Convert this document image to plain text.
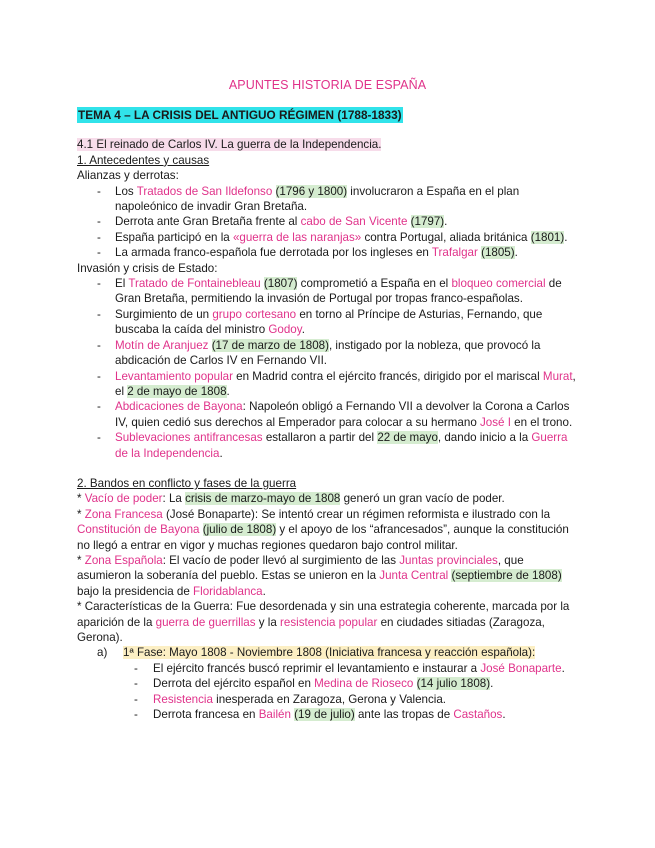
APUNTES HISTORIA DE ESPAÑA

TEMA 4 – LA CRISIS DEL ANTIGUO RÉGIMEN (1788-1833)

4.1 El reinado de Carlos IV. La guerra de la Independencia.

1. Antecedentes y causas

Alianzas y derrotas:

- Los Tratados de San Ildefonso (1796 y 1800) involucraron a España en el plan napoleónico de invadir Gran Bretaña.
- Derrota ante Gran Bretaña frente al cabo de San Vicente (1797).
- España participó en la «guerra de las naranjas» contra Portugal, aliada británica (1801).
- La armada franco-española fue derrotada por los ingleses en Trafalgar (1805).

Invasión y crisis de Estado:

- El Tratado de Fontainebleau (1807) comprometió a España en el bloqueo comercial de Gran Bretaña, permitiendo la invasión de Portugal por tropas franco-españolas.
- Surgimiento de un grupo cortesano en torno al Príncipe de Asturias, Fernando, que buscaba la caída del ministro Godoy.
- Motín de Aranjuez (17 de marzo de 1808), instigado por la nobleza, que provocó la abdicación de Carlos IV en Fernando VII.
- Levantamiento popular en Madrid contra el ejército francés, dirigido por el mariscal Murat, el 2 de mayo de 1808.
- Abdicaciones de Bayona: Napoleón obligó a Fernando VII a devolver la Corona a Carlos IV, quien cedió sus derechos al Emperador para colocar a su hermano José I en el trono.
- Sublevaciones antifrancesas estallaron a partir del 22 de mayo, dando inicio a la Guerra de la Independencia.

2. Bandos en conflicto y fases de la guerra

* Vacío de poder: La crisis de marzo-mayo de 1808 generó un gran vacío de poder.

* Zona Francesa (José Bonaparte): Se intentó crear un régimen reformista e ilustrado con la Constitución de Bayona (julio de 1808) y el apoyo de los “afrancesados”, aunque la constitución no llegó a entrar en vigor y muchas regiones quedaron bajo control militar.

* Zona Española: El vacío de poder llevó al surgimiento de las Juntas provinciales, que asumieron la soberanía del pueblo. Estas se unieron en la Junta Central (septiembre de 1808) bajo la presidencia de Floridablanca.

* Características de la Guerra: Fue desordenada y sin una estrategia coherente, marcada por la aparición de la guerra de guerrillas y la resistencia popular en ciudades sitiadas (Zaragoza, Gerona).

a) 1ª Fase: Mayo 1808 - Noviembre 1808 (Iniciativa francesa y reacción española):
- El ejército francés buscó reprimir el levantamiento e instaurar a José Bonaparte.
- Derrota del ejército español en Medina de Rioseco (14 julio 1808).
- Resistencia inesperada en Zaragoza, Gerona y Valencia.
- Derrota francesa en Bailén (19 de julio) ante las tropas de Castaños.
